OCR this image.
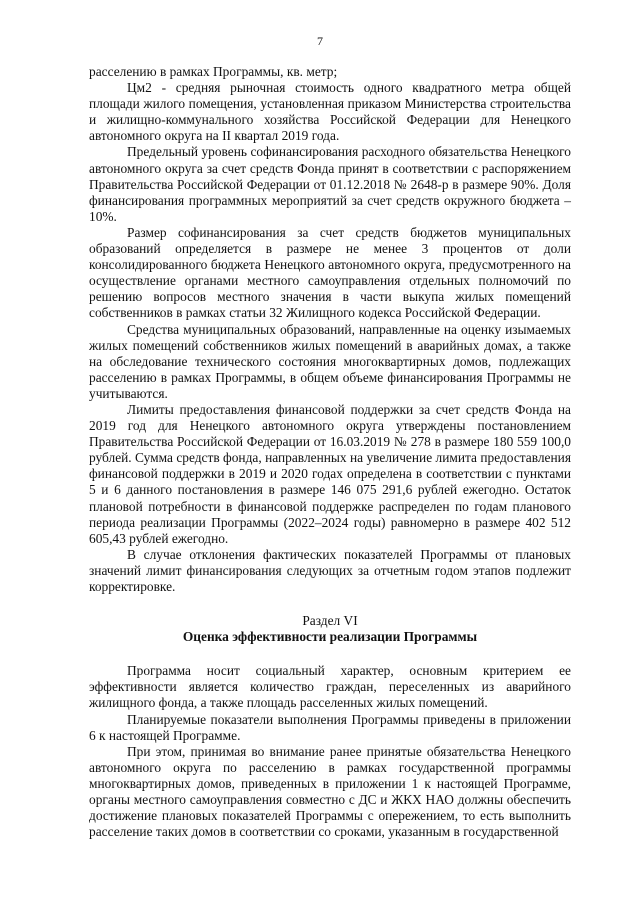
7

расселению в рамках Программы, кв. метр;

Цм2 - средняя рыночная стоимость одного квадратного метра общей площади жилого помещения, установленная приказом Министерства строительства и жилищно-коммунального хозяйства Российской Федерации для Ненецкого автономного округа на II квартал 2019 года.

Предельный уровень софинансирования расходного обязательства Ненецкого автономного округа за счет средств Фонда принят в соответствии с распоряжением Правительства Российской Федерации от 01.12.2018 № 2648-р в размере 90%. Доля финансирования программных мероприятий за счет средств окружного бюджета – 10%.

Размер софинансирования за счет средств бюджетов муниципальных образований определяется в размере не менее 3 процентов от доли консолидированного бюджета Ненецкого автономного округа, предусмотренного на осуществление органами местного самоуправления отдельных полномочий по решению вопросов местного значения в части выкупа жилых помещений собственников в рамках статьи 32 Жилищного кодекса Российской Федерации.

Средства муниципальных образований, направленные на оценку изымаемых жилых помещений собственников жилых помещений в аварийных домах, а также на обследование технического состояния многоквартирных домов, подлежащих расселению в рамках Программы, в общем объеме финансирования Программы не учитываются.

Лимиты предоставления финансовой поддержки за счет средств Фонда на 2019 год для Ненецкого автономного округа утверждены постановлением Правительства Российской Федерации от 16.03.2019 № 278 в размере 180 559 100,0 рублей. Сумма средств фонда, направленных на увеличение лимита предоставления финансовой поддержки в 2019 и 2020 годах определена в соответствии с пунктами 5 и 6 данного постановления в размере 146 075 291,6 рублей ежегодно. Остаток плановой потребности в финансовой поддержке распределен по годам планового периода реализации Программы (2022–2024 годы) равномерно в размере 402 512 605,43 рублей ежегодно.

В случае отклонения фактических показателей Программы от плановых значений лимит финансирования следующих за отчетным годом этапов подлежит корректировке.

Раздел VI

Оценка эффективности реализации Программы

Программа носит социальный характер, основным критерием ее эффективности является количество граждан, переселенных из аварийного жилищного фонда, а также площадь расселенных жилых помещений.

Планируемые показатели выполнения Программы приведены в приложении 6 к настоящей Программе.

При этом, принимая во внимание ранее принятые обязательства Ненецкого автономного округа по расселению в рамках государственной программы многоквартирных домов, приведенных в приложении 1 к настоящей Программе, органы местного самоуправления совместно с ДС и ЖКХ НАО должны обеспечить достижение плановых показателей Программы с опережением, то есть выполнить расселение таких домов в соответствии со сроками, указанным в государственной
